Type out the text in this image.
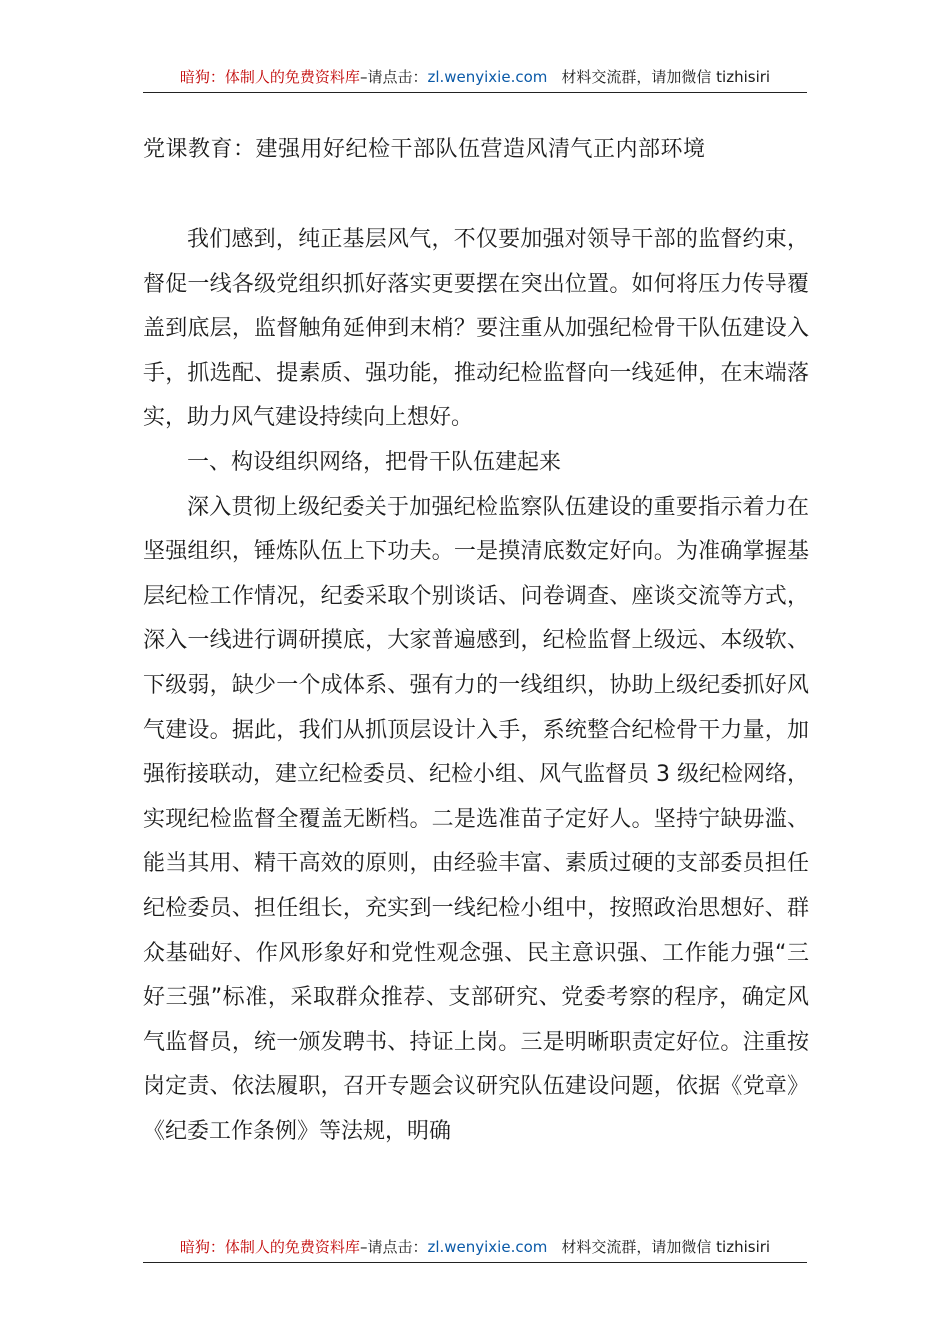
暗狗：体制人的免费资料库–请点击：zl.wenyixie.com 材料交流群，请加微信 tizhisiri
党课教育：建强用好纪检干部队伍营造风清气正内部环境

我们感到，纯正基层风气，不仅要加强对领导干部的监督约束，督促一线各级党组织抓好落实更要摆在突出位置。如何将压力传导覆盖到底层，监督触角延伸到末梢？要注重从加强纪检骨干队伍建设入手，抓选配、提素质、强功能，推动纪检监督向一线延伸，在末端落实，助力风气建设持续向上想好。

一、构设组织网络，把骨干队伍建起来

深入贯彻上级纪委关于加强纪检监察队伍建设的重要指示着力在坚强组织，锤炼队伍上下功夫。一是摸清底数定好向。为准确掌握基层纪检工作情况，纪委采取个别谈话、问卷调查、座谈交流等方式，深入一线进行调研摸底，大家普遍感到，纪检监督上级远、本级软、下级弱，缺少一个成体系、强有力的一线组织，协助上级纪委抓好风气建设。据此，我们从抓顶层设计入手，系统整合纪检骨干力量，加强衔接联动，建立纪检委员、纪检小组、风气监督员 3 级纪检网络，实现纪检监督全覆盖无断档。二是选准苗子定好人。坚持宁缺毋滥、能当其用、精干高效的原则，由经验丰富、素质过硬的支部委员担任纪检委员、担任组长，充实到一线纪检小组中，按照政治思想好、群众基础好、作风形象好和党性观念强、民主意识强、工作能力强“三好三强”标准，采取群众推荐、支部研究、党委考察的程序，确定风气监督员，统一颁发聘书、持证上岗。三是明晰职责定好位。注重按岗定责、依法履职，召开专题会议研究队伍建设问题，依据《党章》《纪委工作条例》等法规，明确

暗狗：体制人的免费资料库–请点击：zl.wenyixie.com 材料交流群，请加微信 tizhisiri
